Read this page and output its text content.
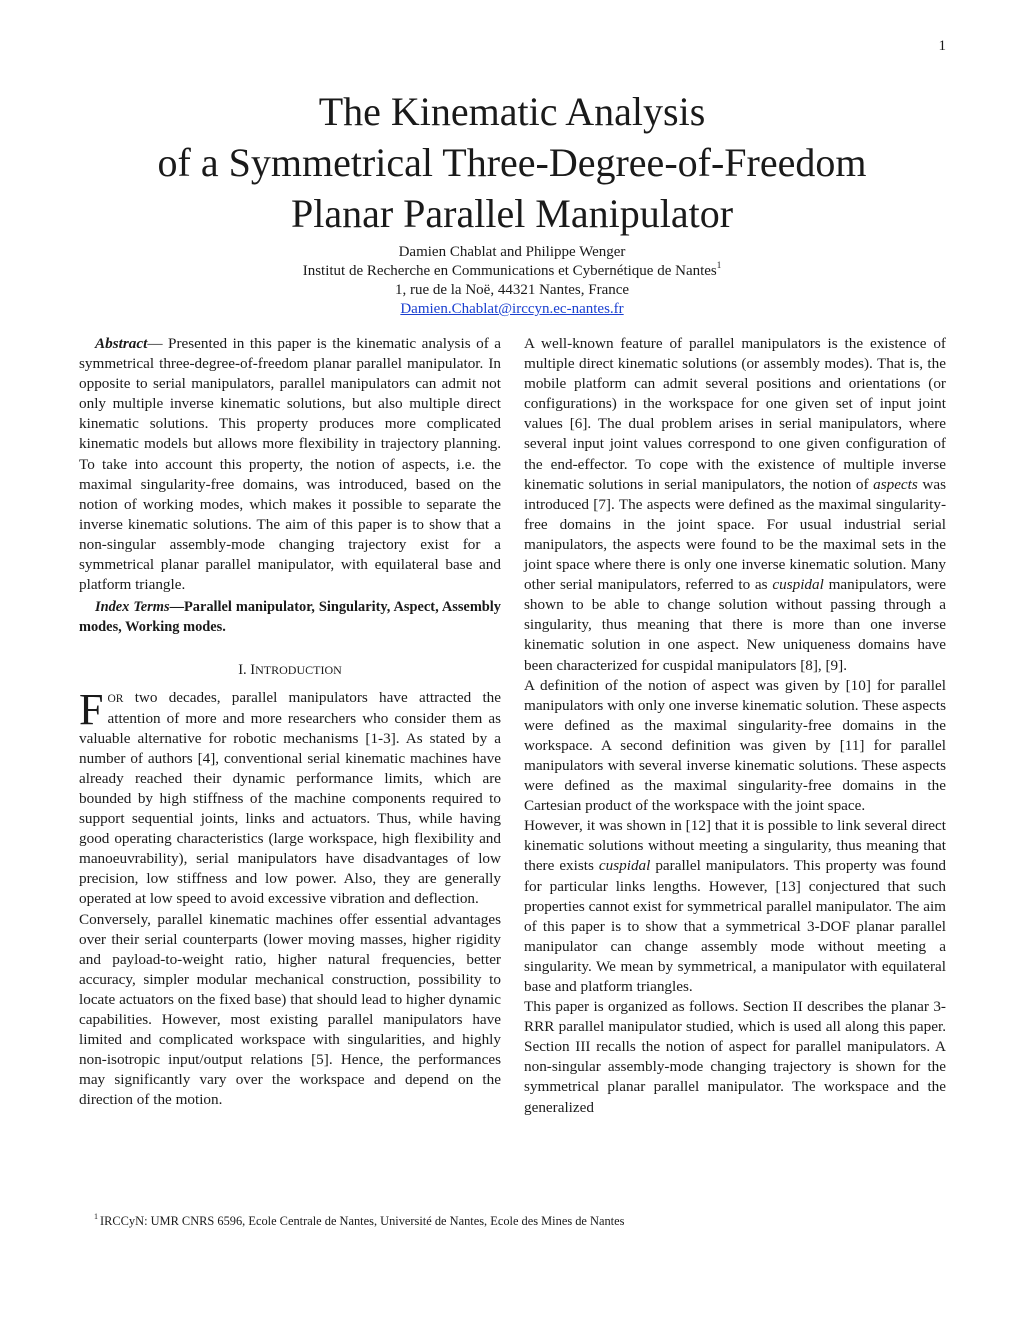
1
The Kinematic Analysis
of a Symmetrical Three-Degree-of-Freedom
Planar Parallel Manipulator

Damien Chablat and Philippe Wenger

Institut de Recherche en Communications et Cybernétique de Nantes$^1$

1, rue de la Noë, 44321 Nantes, France

Damien.Chablat@irccyn.ec-nantes.fr

Abstract— Presented in this paper is the kinematic analysis of a symmetrical three-degree-of-freedom planar parallel manipulator. In opposite to serial manipulators, parallel manipulators can admit not only multiple inverse kinematic solutions, but also multiple direct kinematic solutions. This property produces more complicated kinematic models but allows more flexibility in trajectory planning. To take into account this property, the notion of aspects, i.e. the maximal singularity-free domains, was introduced, based on the notion of working modes, which makes it possible to separate the inverse kinematic solutions. The aim of this paper is to show that a non-singular assembly-mode changing trajectory exist for a symmetrical planar parallel manipulator, with equilateral base and platform triangle.

Index Terms—Parallel manipulator, Singularity, Aspect, Assembly modes, Working modes.

I. INTRODUCTION

FOR two decades, parallel manipulators have attracted the attention of more and more researchers who consider them as valuable alternative for robotic mechanisms [1-3]. As stated by a number of authors [4], conventional serial kinematic machines have already reached their dynamic performance limits, which are bounded by high stiffness of the machine components required to support sequential joints, links and actuators. Thus, while having good operating characteristics (large workspace, high flexibility and manoeuvrability), serial manipulators have disadvantages of low precision, low stiffness and low power. Also, they are generally operated at low speed to avoid excessive vibration and deflection.

Conversely, parallel kinematic machines offer essential advantages over their serial counterparts (lower moving masses, higher rigidity and payload-to-weight ratio, higher natural frequencies, better accuracy, simpler modular mechanical construction, possibility to locate actuators on the fixed base) that should lead to higher dynamic capabilities. However, most existing parallel manipulators have limited and complicated workspace with singularities, and highly non-isotropic input/output relations [5]. Hence, the performances may significantly vary over the workspace and depend on the direction of the motion.

A well-known feature of parallel manipulators is the existence of multiple direct kinematic solutions (or assembly modes). That is, the mobile platform can admit several positions and orientations (or configurations) in the workspace for one given set of input joint values [6]. The dual problem arises in serial manipulators, where several input joint values correspond to one given configuration of the end-effector. To cope with the existence of multiple inverse kinematic solutions in serial manipulators, the notion of aspects was introduced [7]. The aspects were defined as the maximal singularity-free domains in the joint space. For usual industrial serial manipulators, the aspects were found to be the maximal sets in the joint space where there is only one inverse kinematic solution. Many other serial manipulators, referred to as cuspidal manipulators, were shown to be able to change solution without passing through a singularity, thus meaning that there is more than one inverse kinematic solution in one aspect. New uniqueness domains have been characterized for cuspidal manipulators [8], [9].

A definition of the notion of aspect was given by [10] for parallel manipulators with only one inverse kinematic solution. These aspects were defined as the maximal singularity-free domains in the workspace. A second definition was given by [11] for parallel manipulators with several inverse kinematic solutions. These aspects were defined as the maximal singularity-free domains in the Cartesian product of the workspace with the joint space.

However, it was shown in [12] that it is possible to link several direct kinematic solutions without meeting a singularity, thus meaning that there exists cuspidal parallel manipulators. This property was found for particular links lengths. However, [13] conjectured that such properties cannot exist for symmetrical parallel manipulator. The aim of this paper is to show that a symmetrical 3-DOF planar parallel manipulator can change assembly mode without meeting a singularity. We mean by symmetrical, a manipulator with equilateral base and platform triangles.

This paper is organized as follows. Section II describes the planar 3-RRR parallel manipulator studied, which is used all along this paper. Section III recalls the notion of aspect for parallel manipulators. A non-singular assembly-mode changing trajectory is shown for the symmetrical planar parallel manipulator. The workspace and the generalized

$^1$ IRCCyN: UMR CNRS 6596, Ecole Centrale de Nantes, Université de Nantes, Ecole des Mines de Nantes
